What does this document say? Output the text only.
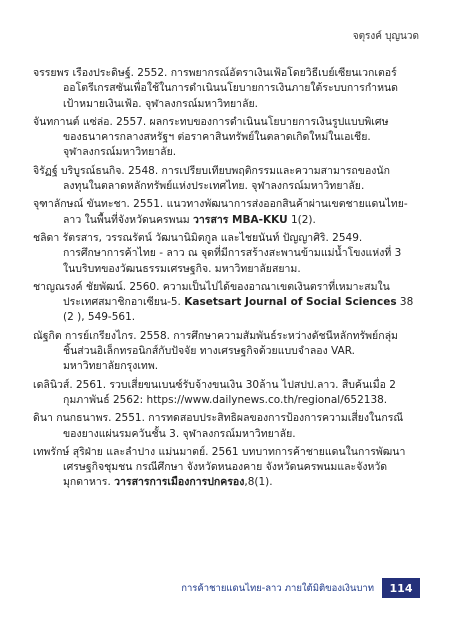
จตุรงค์ บุญนวด
จรรยพร เรืองประดิษฐ์. 2552. การพยากรณ์อัตราเงินเฟ้อโดยวิธีเบย์เซียนเวกเตอร์
ออโตรีเกรสซันเพื่อใช้ในการดำเนินนโยบายการเงินภายใต้ระบบการกำหนด
เป้าหมายเงินเฟ้อ. จุฬาลงกรณ์มหาวิทยาลัย.
จันทกานต์ แซ่ล่อ. 2557. ผลกระทบของการดำเนินนโยบายการเงินรูปแบบพิเศษ
ของธนาคารกลางสหรัฐฯ ต่อราคาสินทรัพย์ในตลาดเกิดใหม่ในเอเชีย.
จุฬาลงกรณ์มหาวิทยาลัย.
จิรัฏฐ์ บริบูรณ์ธนกิจ. 2548. การเปรียบเทียบพฤติกรรมและความสามารถของนัก
ลงทุนในตลาดหลักทรัพย์แห่งประเทศไทย. จุฬาลงกรณ์มหาวิทยาลัย.
จุฑาลักษณ์ ขันทะชา. 2551. แนวทางพัฒนาการส่งออกสินค้าผ่านเขตชายแดนไทย-
ลาว ในพื้นที่จังหวัดนครพนม วารสาร MBA-KKU 1(2).
ชลิดา รัตรสาร, วรรณรัตน์ วัฒนานิมิตกูล และไชยนันท์ ปัญญาศิริ. 2549.
การศึกษาการค้าไทย - ลาว ณ จุดที่มีการสร้างสะพานข้ามแม่น้ำโขงแห่งที่ 3
ในบริบทของวัฒนธรรมเศรษฐกิจ. มหาวิทยาลัยสยาม.
ชาญณรงค์ ชัยพัฒน์. 2560. ความเป็นไปได้ของอาณาเขตเงินตราที่เหมาะสมใน
ประเทศสมาชิกอาเซียน-5. Kasetsart Journal of Social Sciences 38
(2 ), 549-561.
ณัฐกิต การย์เกรียงไกร. 2558. การศึกษาความสัมพันธ์ระหว่างดัชนีหลักทรัพย์กลุ่ม
ชิ้นส่วนอิเล็กทรอนิกส์กับปัจจัย ทางเศรษฐกิจด้วยแบบจำลอง VAR.
มหาวิทยาลัยกรุงเทพ.
เดลินิวส์. 2561. รวบเสี่ยขนเบนซ์รับจ้างขนเงิน 30ล้าน ไปสปป.ลาว. สืบค้นเมื่อ 2
กุมภาพันธ์ 2562: https://www.dailynews.co.th/regional/652138.
ดินา กนกธนาพร. 2551. การทดสอบประสิทธิผลของการป้องการความเสี่ยงในกรณี
ของยางแผ่นรมควันชั้น 3. จุฬาลงกรณ์มหาวิทยาลัย.
เทพรักษ์ สุริฝ่าย และลำปาง แม่นมาตย์. 2561 บทบาทการค้าชายแดนในการพัฒนา
เศรษฐกิจชุมชน กรณีศึกษา จังหวัดหนองคาย จังหวัดนครพนมและจังหวัด
มุกดาหาร. วารสารการเมืองการปกครอง,8(1).
การค้าชายแดนไทย-ลาว ภายใต้มิติของเงินบาท	114
